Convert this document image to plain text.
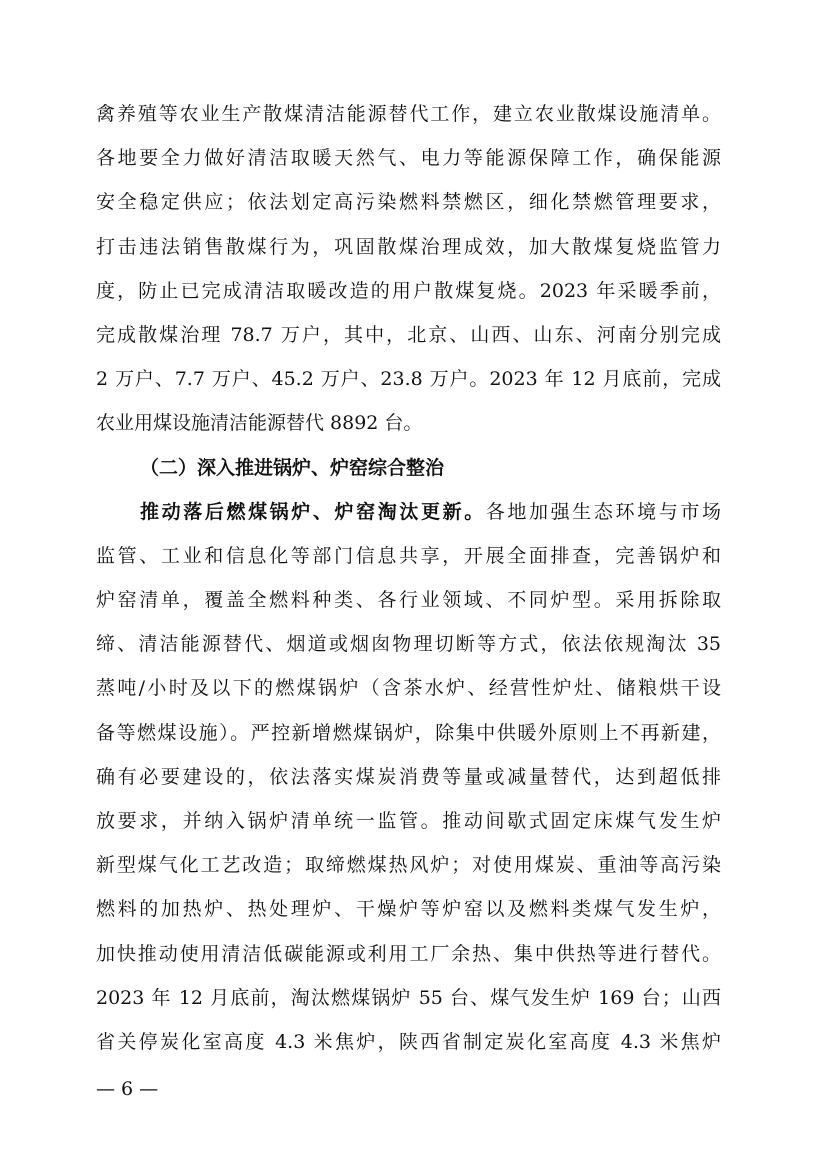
禽养殖等农业生产散煤清洁能源替代工作，建立农业散煤设施清单。
各地要全力做好清洁取暖天然气、电力等能源保障工作，确保能源
安全稳定供应；依法划定高污染燃料禁燃区，细化禁燃管理要求，
打击违法销售散煤行为，巩固散煤治理成效，加大散煤复烧监管力
度，防止已完成清洁取暖改造的用户散煤复烧。2023 年采暖季前，
完成散煤治理 78.7 万户，其中，北京、山西、山东、河南分别完成
2 万户、7.7 万户、45.2 万户、23.8 万户。2023 年 12 月底前，完成
农业用煤设施清洁能源替代 8892 台。
（二）深入推进锅炉、炉窑综合整治
推动落后燃煤锅炉、炉窑淘汰更新。各地加强生态环境与市场
监管、工业和信息化等部门信息共享，开展全面排查，完善锅炉和
炉窑清单，覆盖全燃料种类、各行业领域、不同炉型。采用拆除取
缔、清洁能源替代、烟道或烟囱物理切断等方式，依法依规淘汰 35
蒸吨/小时及以下的燃煤锅炉（含茶水炉、经营性炉灶、储粮烘干设
备等燃煤设施）。严控新增燃煤锅炉，除集中供暖外原则上不再新建，
确有必要建设的，依法落实煤炭消费等量或减量替代，达到超低排
放要求，并纳入锅炉清单统一监管。推动间歇式固定床煤气发生炉
新型煤气化工艺改造；取缔燃煤热风炉；对使用煤炭、重油等高污染
燃料的加热炉、热处理炉、干燥炉等炉窑以及燃料类煤气发生炉，
加快推动使用清洁低碳能源或利用工厂余热、集中供热等进行替代。
2023 年 12 月底前，淘汰燃煤锅炉 55 台、煤气发生炉 169 台；山西
省关停炭化室高度 4.3 米焦炉，陕西省制定炭化室高度 4.3 米焦炉
— 6 —
